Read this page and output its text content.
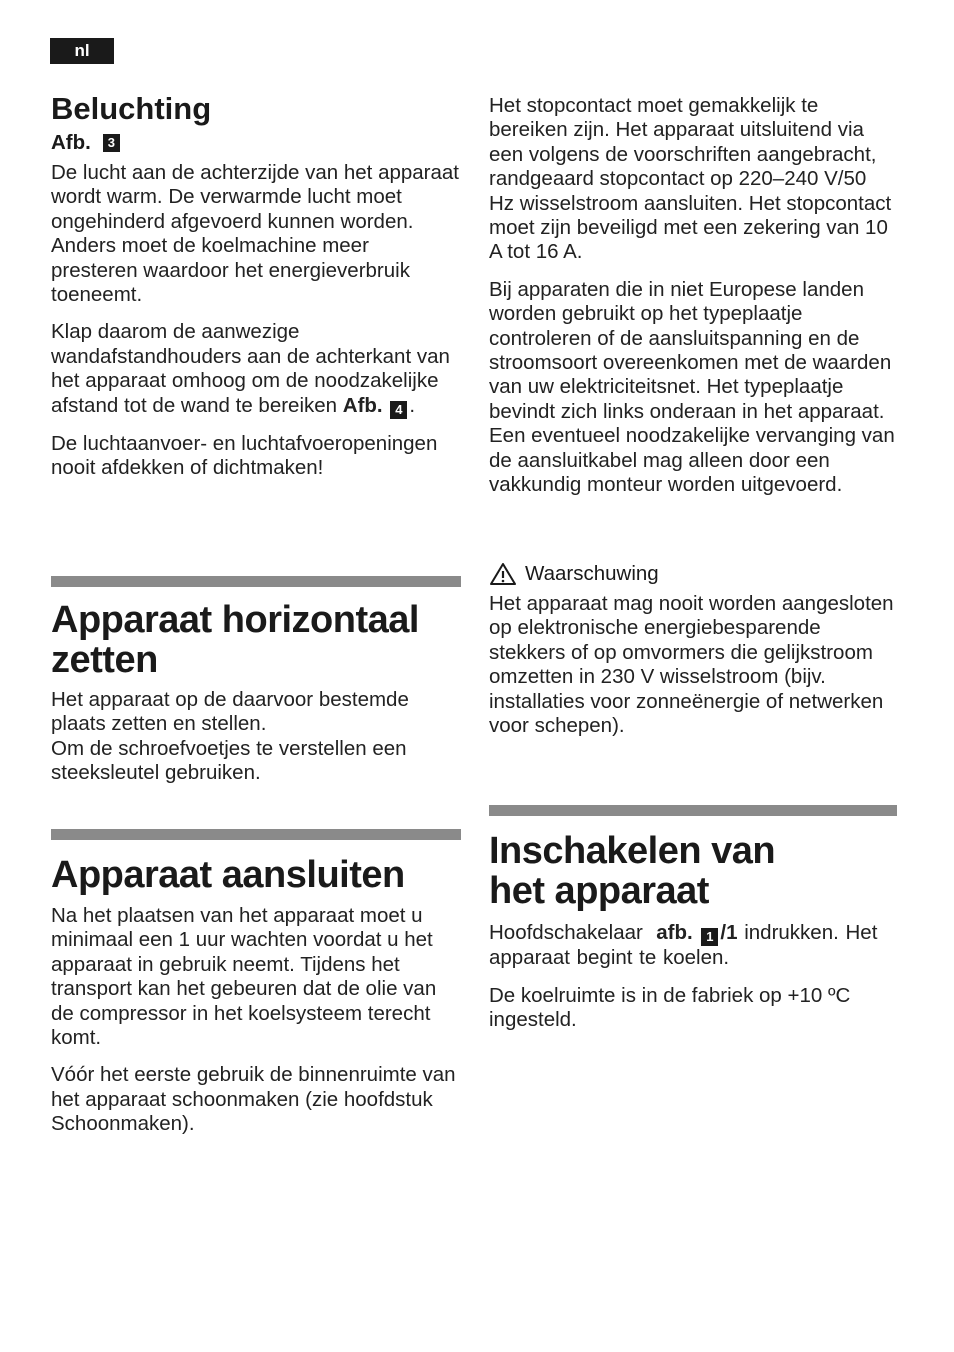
nl
Beluchting
Afb.	3

De lucht aan de achterzijde van het apparaat wordt warm. De verwarmde lucht moet ongehinderd afgevoerd kunnen worden. Anders moet de koelmachine meer presteren waardoor het energieverbruik toeneemt.

Klap daarom de aanwezige wandafstandhouders aan de achterkant van het apparaat omhoog om de noodzakelijke afstand tot de wand te bereiken Afb. 4 .

De luchtaanvoer- en luchtafvoeropeningen nooit afdekken of dichtmaken!

Apparaat horizontaal
zetten

Het apparaat op de daarvoor bestemde plaats zetten en stellen.
Om de schroefvoetjes te verstellen een steeksleutel gebruiken.

Apparaat aansluiten

Na het plaatsen van het apparaat moet u minimaal een 1 uur wachten voordat u het apparaat in gebruik neemt. Tijdens het transport kan het gebeuren dat de olie van de compressor in het koelsysteem terecht komt.

Vóór het eerste gebruik de binnenruimte van het apparaat schoonmaken (zie hoofdstuk Schoonmaken).

Het stopcontact moet gemakkelijk te bereiken zijn. Het apparaat uitsluitend via een volgens de voorschriften aangebracht, randgeaard stopcontact op 220–240 V/50 Hz wisselstroom aansluiten. Het stopcontact moet zijn beveiligd met een zekering van 10 A tot 16 A.

Bij apparaten die in niet Europese landen worden gebruikt op het typeplaatje controleren of de aansluitspanning en de stroomsoort overeenkomen met de waarden van uw elektriciteitsnet. Het typeplaatje bevindt zich links onderaan in het apparaat. Een eventueel noodzakelijke vervanging van de aansluitkabel mag alleen door een vakkundig monteur worden uitgevoerd.

Waarschuwing

Het apparaat mag nooit worden aangesloten op elektronische energiebesparende stekkers of op omvormers die gelijkstroom omzetten in 230 V wisselstroom (bijv. installaties voor zonneënergie of netwerken voor schepen).

Inschakelen van
het apparaat

Hoofdschakelaar afb. 1 /1 indrukken. Het apparaat begint te koelen.

De koelruimte is in de fabriek op +10 ºC ingesteld.
